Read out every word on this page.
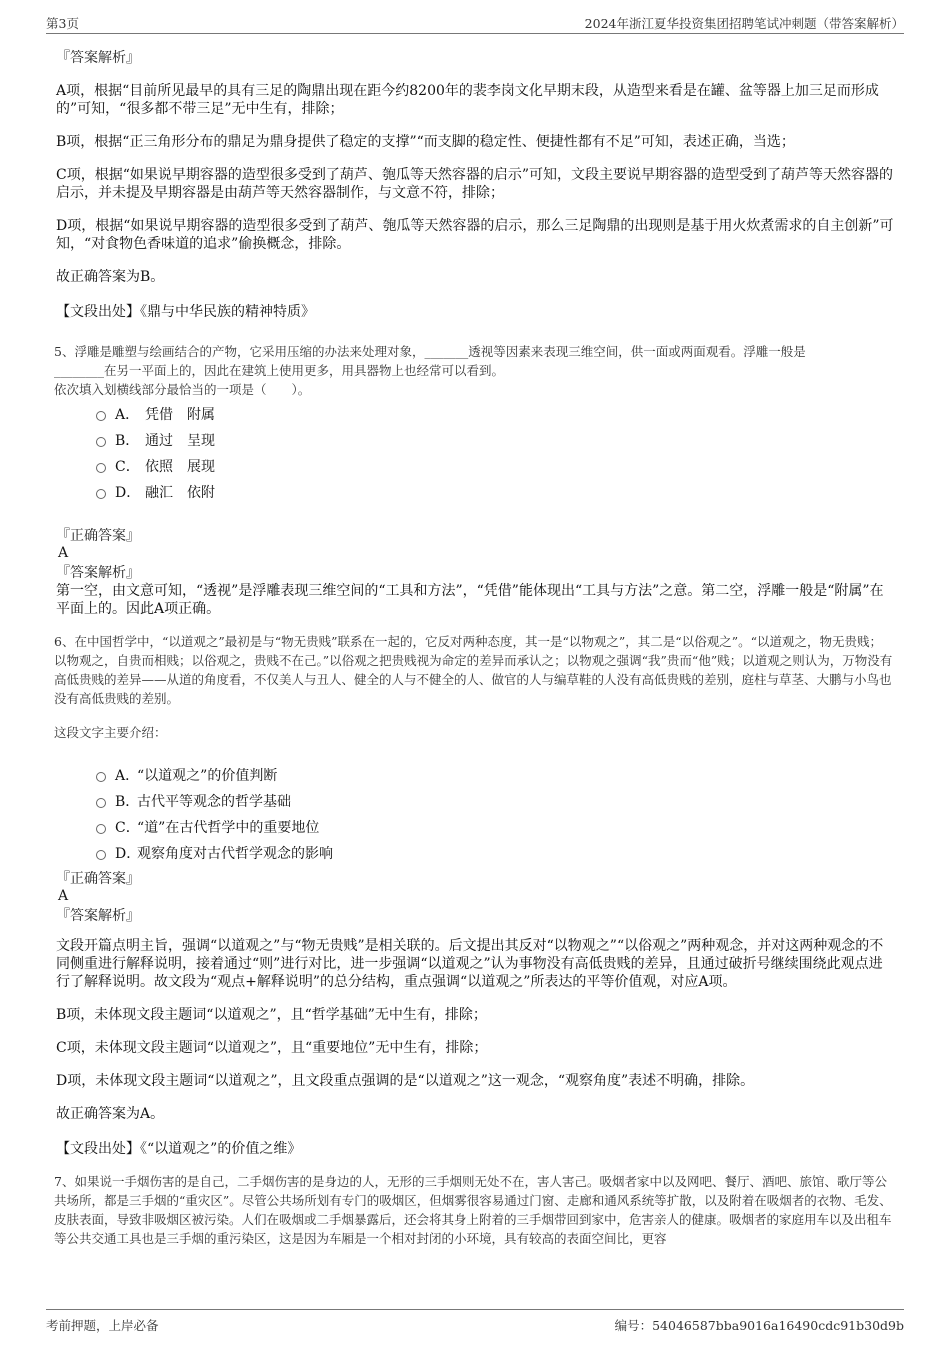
第3页	2024年浙江夏华投资集团招聘笔试冲刺题（带答案解析）
『答案解析』
A项，根据“目前所见最早的具有三足的陶鼎出现在距今约8200年的裴李岗文化早期末段，从造型来看是在罐、盆等器上加三足而形成的”可知，“很多都不带三足”无中生有，排除；
B项，根据“正三角形分布的鼎足为鼎身提供了稳定的支撑”“而支脚的稳定性、便捷性都有不足”可知，表述正确，当选；
C项，根据“如果说早期容器的造型很多受到了葫芦、匏瓜等天然容器的启示”可知，文段主要说早期容器的造型受到了葫芦等天然容器的启示，并未提及早期容器是由葫芦等天然容器制作，与文意不符，排除；
D项，根据“如果说早期容器的造型很多受到了葫芦、匏瓜等天然容器的启示，那么三足陶鼎的出现则是基于用火炊煮需求的自主创新”可知，“对食物色香味道的追求”偷换概念，排除。
故正确答案为B。
【文段出处】《鼎与中华民族的精神特质》
5、浮雕是雕塑与绘画结合的产物，它采用压缩的办法来处理对象，_______透视等因素来表现三维空间，供一面或两面观看。浮雕一般是
________在另一平面上的，因此在建筑上使用更多，用具器物上也经常可以看到。
依次填入划横线部分最恰当的一项是（　　）。
A． 凭借　附属
B． 通过　呈现
C． 依照　展现
D． 融汇　依附
『正确答案』
A
『答案解析』
第一空，由文意可知，“透视”是浮雕表现三维空间的“工具和方法”，“凭借”能体现出“工具与方法”之意。第二空，浮雕一般是“附属”在平面上的。因此A项正确。
6、在中国哲学中，“以道观之”最初是与“物无贵贱”联系在一起的，它反对两种态度，其一是“以物观之”，其二是“以俗观之”。“以道观之，物无贵贱；以物观之，自贵而相贱；以俗观之，贵贱不在己。”以俗观之把贵贱视为命定的差异而承认之；以物观之强调“我”贵而“他”贱；以道观之则认为，万物没有高低贵贱的差异——从道的角度看，不仅美人与丑人、健全的人与不健全的人、做官的人与编草鞋的人没有高低贵贱的差别，庭柱与草茎、大鹏与小鸟也没有高低贵贱的差别。
这段文字主要介绍：
A．
“以道观之”的价值判断
B．
古代平等观念的哲学基础
C．
“道”在古代哲学中的重要地位
D．
观察角度对古代哲学观念的影响
『正确答案』
A
『答案解析』
文段开篇点明主旨，强调“以道观之”与“物无贵贱”是相关联的。后文提出其反对“以物观之”“以俗观之”两种观念，并对这两种观念的不同侧重进行解释说明，接着通过“则”进行对比，进一步强调“以道观之”认为事物没有高低贵贱的差异，且通过破折号继续围绕此观点进行了解释说明。故文段为“观点+解释说明”的总分结构，重点强调“以道观之”所表达的平等价值观，对应A项。
B项，未体现文段主题词“以道观之”，且“哲学基础”无中生有，排除；
C项，未体现文段主题词“以道观之”，且“重要地位”无中生有，排除；
D项，未体现文段主题词“以道观之”，且文段重点强调的是“以道观之”这一观念，“观察角度”表述不明确，排除。
故正确答案为A。
【文段出处】《“以道观之”的价值之维》
7、如果说一手烟伤害的是自己，二手烟伤害的是身边的人，无形的三手烟则无处不在，害人害己。吸烟者家中以及网吧、餐厅、酒吧、旅馆、歌厅等公共场所，都是三手烟的“重灾区”。尽管公共场所划有专门的吸烟区，但烟雾很容易通过门窗、走廊和通风系统等扩散，以及附着在吸烟者的衣物、毛发、皮肤表面，导致非吸烟区被污染。人们在吸烟或二手烟暴露后，还会将其身上附着的三手烟带回到家中，危害亲人的健康。吸烟者的家庭用车以及出租车等公共交通工具也是三手烟的重污染区，这是因为车厢是一个相对封闭的小环境，具有较高的表面空间比，更容
考前押题，上岸必备	编号：54046587bba9016a16490cdc91b30d9b
